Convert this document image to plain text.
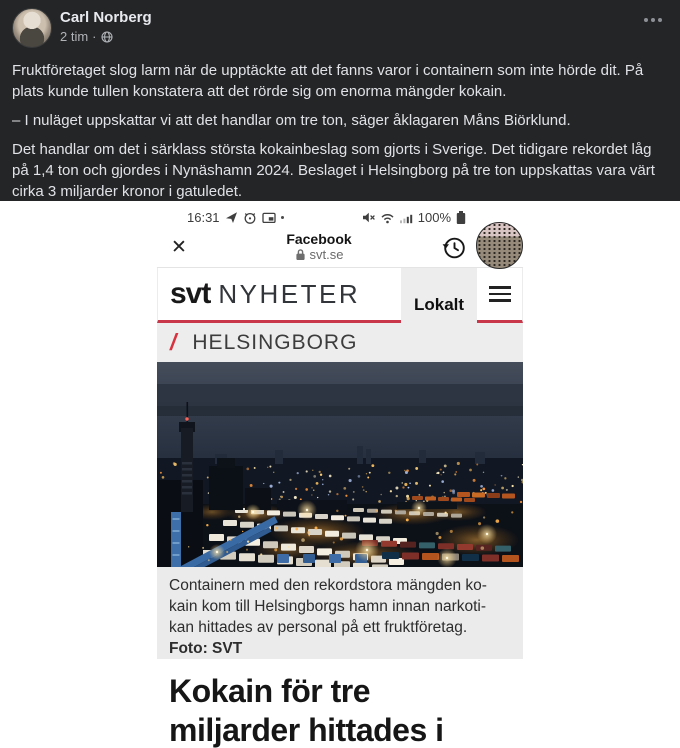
Carl Norberg
2 tim ·

Fruktföretaget slog larm när de upptäckte att det fanns varor i containern som inte hörde dit. På plats kunde tullen konstatera att det rörde sig om enorma mängder kokain.

– I nuläget uppskattar vi att det handlar om tre ton, säger åklagaren Måns Biörklund.

Det handlar om det i särklass största kokainbeslag som gjorts i Sverige. Det tidigare rekordet låg på 1,4 ton och gjordes i Nynäshamn 2024. Beslaget i Helsingborg på tre ton uppskattas vara värt cirka 3 miljarder kronor i gatuledet.

16:31	100%
✕	Facebook
svt.se
svt NYHETER	Lokalt
/ HELSINGBORG
Containern med den rekordstora mängden ko-
kain kom till Helsingborgs hamn innan narkoti-
kan hittades av personal på ett fruktföretag.
Foto: SVT
Kokain för tre
miljarder hittades i
